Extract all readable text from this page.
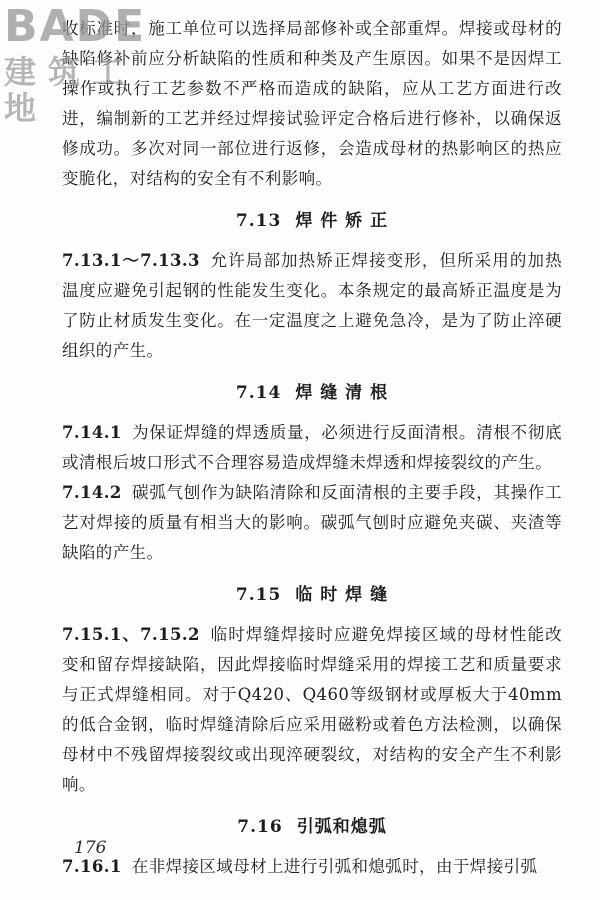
BADE
建筑工地

收标准时，施工单位可以选择局部修补或全部重焊。焊接或母材的缺陷修补前应分析缺陷的性质和种类及产生原因。如果不是因焊工操作或执行工艺参数不严格而造成的缺陷，应从工艺方面进行改进，编制新的工艺并经过焊接试验评定合格后进行修补，以确保返修成功。多次对同一部位进行返修，会造成母材的热影响区的热应变脆化，对结构的安全有不利影响。

7.13 焊 件 矫 正

7.13.1～7.13.3 允许局部加热矫正焊接变形，但所采用的加热温度应避免引起钢的性能发生变化。本条规定的最高矫正温度是为了防止材质发生变化。在一定温度之上避免急冷，是为了防止淬硬组织的产生。

7.14 焊 缝 清 根

7.14.1 为保证焊缝的焊透质量，必须进行反面清根。清根不彻底或清根后坡口形式不合理容易造成焊缝未焊透和焊接裂纹的产生。

7.14.2 碳弧气刨作为缺陷清除和反面清根的主要手段，其操作工艺对焊接的质量有相当大的影响。碳弧气刨时应避免夹碳、夹渣等缺陷的产生。

7.15 临 时 焊 缝

7.15.1、7.15.2 临时焊缝焊接时应避免焊接区域的母材性能改变和留存焊接缺陷，因此焊接临时焊缝采用的焊接工艺和质量要求与正式焊缝相同。对于Q420、Q460等级钢材或厚板大于40mm的低合金钢，临时焊缝清除后应采用磁粉或着色方法检测，以确保母材中不残留焊接裂纹或出现淬硬裂纹，对结构的安全产生不利影响。

7.16 引弧和熄弧

7.16.1 在非焊接区域母材上进行引弧和熄弧时，由于焊接引弧

176
